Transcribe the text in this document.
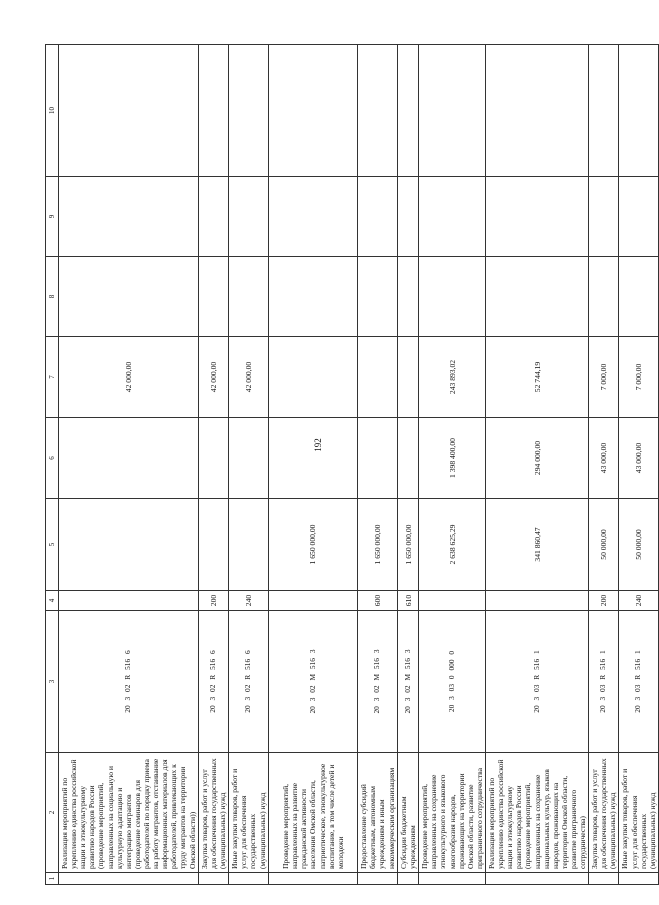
192
1	2	3	4	5	6	7	8	9	10
	Реализация мероприятий по укреплению единства российской нации и этнокультурному развитию народов России (проведение мероприятий, направленных на социальную и культурную адаптацию и интеграцию мигрантов (проведение семинаров для работодателей по порядку приема на работу мигрантов, отстаивание информационных материалов для работодателей, привлекающих к труду мигрантов на территории Омской области))	20 3 02 R 516 6				42 000,00			
	Закупка товаров, работ и услуг для обеспечения государственных (муниципальных) нужд	20 3 02 R 516 6	200			42 000,00			
	Иные закупки товаров, работ и услуг для обеспечения государственных (муниципальных) нужд	20 3 02 R 516 6	240			42 000,00			
	Проведение мероприятий, направленных на развитие гражданской активности населения Омской области, патриотическое, этнокультурное воспитание, в том числе детей и молодежи	20 3 02 M 516 3		1 650 000,00					
	Предоставление субсидий бюджетным, автономным учреждениям и иным некоммерческим организациям	20 3 02 M 516 3	600	1 650 000,00					
	Субсидии бюджетным учреждениям	20 3 02 M 516 3	610	1 650 000,00					
	Проведение мероприятий, направленных на сохранение этнокультурного и языкового многообразия народов, проживающих на территории Омской области, развитие приграничного сотрудничества	20 3 03 0 000 0		2 638 625,29	1 398 400,00	243 893,02			
	Реализация мероприятий по укреплению единства российской нации и этнокультурному развитию народов России (проведение мероприятий, направленных на сохранение национальных культур, языков народов, проживающих на территории Омской области, развитие приграничного сотрудничества)	20 3 03 R 516 1		341 860,47	294 000,00	52 744,19			
	Закупка товаров, работ и услуг для обеспечения государственных (муниципальных) нужд	20 3 03 R 516 1	200	50 000,00	43 000,00	7 000,00			
	Иные закупки товаров, работ и услуг для обеспечения государственных (муниципальных) нужд	20 3 03 R 516 1	240	50 000,00	43 000,00	7 000,00			
